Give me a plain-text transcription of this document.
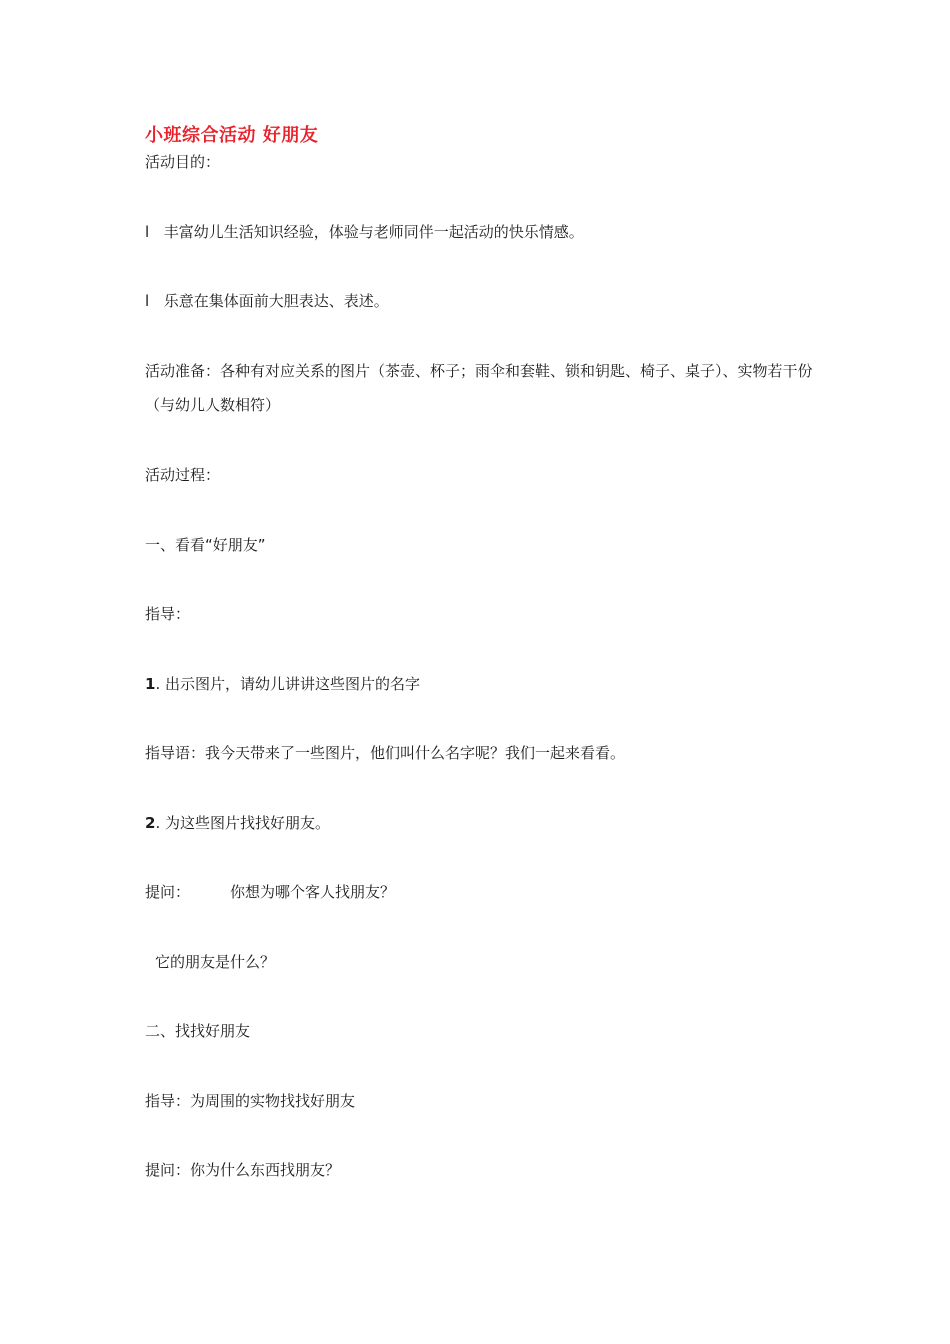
小班综合活动 好朋友
活动目的：
l 丰富幼儿生活知识经验，体验与老师同伴一起活动的快乐情感。
l 乐意在集体面前大胆表达、表述。
活动准备：各种有对应关系的图片（茶壶、杯子；雨伞和套鞋、锁和钥匙、椅子、桌子）、实物若干份（与幼儿人数相符）
活动过程：
一、看看“好朋友”
指导：
1. 出示图片，请幼儿讲讲这些图片的名字
指导语：我今天带来了一些图片，他们叫什么名字呢？我们一起来看看。
2. 为这些图片找找好朋友。
提问：	你想为哪个客人找朋友？
它的朋友是什么？
二、找找好朋友
指导：为周围的实物找找好朋友
提问：你为什么东西找朋友？
